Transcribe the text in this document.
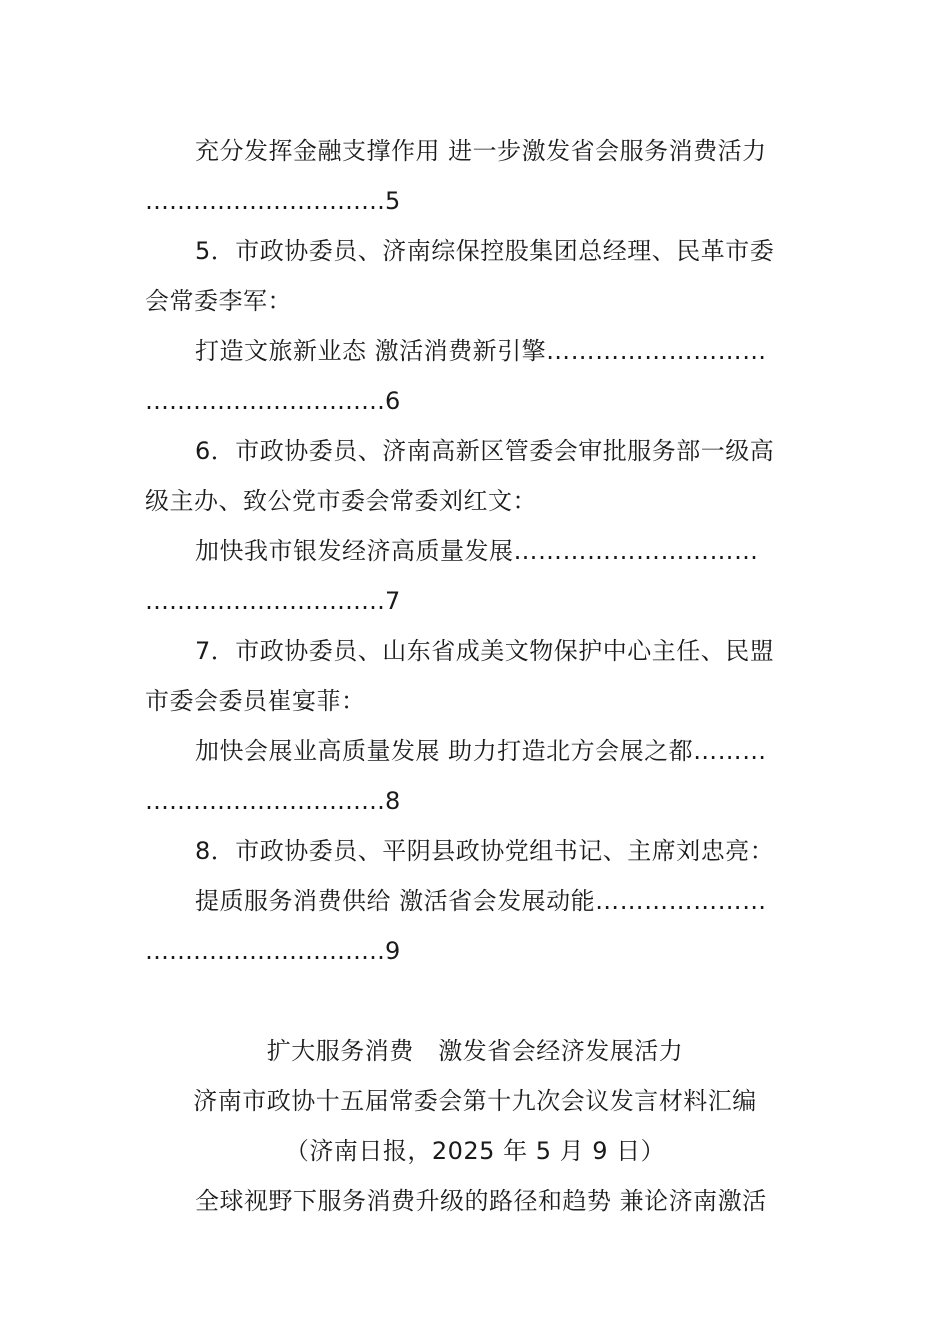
充分发挥金融支撑作用 进一步激发省会服务消费活力
…………………………5
5．市政协委员、济南综保控股集团总经理、民革市委
会常委李军：
打造文旅新业态 激活消费新引擎………………………
…………………………6
6．市政协委员、济南高新区管委会审批服务部一级高
级主办、致公党市委会常委刘红文：
加快我市银发经济高质量发展…………………………
…………………………7
7．市政协委员、山东省成美文物保护中心主任、民盟
市委会委员崔宴菲：
加快会展业高质量发展 助力打造北方会展之都………
…………………………8
8．市政协委员、平阴县政协党组书记、主席刘忠亮：
提质服务消费供给 激活省会发展动能…………………
…………………………9
扩大服务消费　激发省会经济发展活力
济南市政协十五届常委会第十九次会议发言材料汇编
（济南日报，2025 年 5 月 9 日）
全球视野下服务消费升级的路径和趋势 兼论济南激活
